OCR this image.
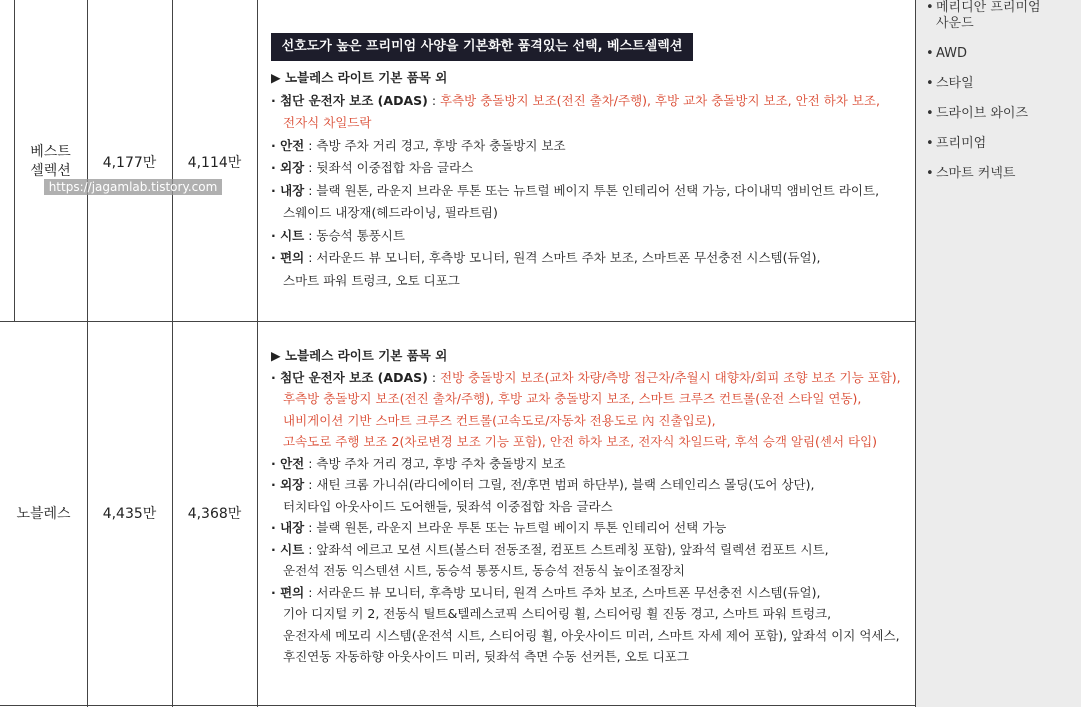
• 메리디안 프리미엄
사운드
• AWD
• 스타일
• 드라이브 와이즈
• 프리미엄
• 스마트 커넥트
베스트
셀렉션	4,177만	4,114만
선호도가 높은 프리미엄 사양을 기본화한 품격있는 선택, 베스트셀렉션
▶ 노블레스 라이트 기본 품목 외
· 첨단 운전자 보조 (ADAS) : 후측방 충돌방지 보조(전진 출차/주행), 후방 교차 충돌방지 보조, 안전 하차 보조,
전자식 차일드락
· 안전 : 측방 주차 거리 경고, 후방 주차 충돌방지 보조
· 외장 : 뒷좌석 이중접합 차음 글라스
· 내장 : 블랙 원톤, 라운지 브라운 투톤 또는 뉴트럴 베이지 투톤 인테리어 선택 가능, 다이내믹 앰비언트 라이트,
스웨이드 내장재(헤드라이닝, 필라트림)
· 시트 : 동승석 통풍시트
· 편의 : 서라운드 뷰 모니터, 후측방 모니터, 원격 스마트 주차 보조, 스마트폰 무선충전 시스템(듀얼),
스마트 파워 트렁크, 오토 디포그
노블레스	4,435만	4,368만
▶ 노블레스 라이트 기본 품목 외
· 첨단 운전자 보조 (ADAS) : 전방 충돌방지 보조(교차 차량/측방 접근차/추월시 대향차/회피 조향 보조 기능 포함),
후측방 충돌방지 보조(전진 출차/주행), 후방 교차 충돌방지 보조, 스마트 크루즈 컨트롤(운전 스타일 연동),
내비게이션 기반 스마트 크루즈 컨트롤(고속도로/자동차 전용도로 內 진출입로),
고속도로 주행 보조 2(차로변경 보조 기능 포함), 안전 하차 보조, 전자식 차일드락, 후석 승객 알림(센서 타입)
· 안전 : 측방 주차 거리 경고, 후방 주차 충돌방지 보조
· 외장 : 새틴 크롬 가니쉬(라디에이터 그릴, 전/후면 범퍼 하단부), 블랙 스테인리스 몰딩(도어 상단),
터치타입 아웃사이드 도어핸들, 뒷좌석 이중접합 차음 글라스
· 내장 : 블랙 원톤, 라운지 브라운 투톤 또는 뉴트럴 베이지 투톤 인테리어 선택 가능
· 시트 : 앞좌석 에르고 모션 시트(볼스터 전동조절, 컴포트 스트레칭 포함), 앞좌석 릴렉션 컴포트 시트,
운전석 전동 익스텐션 시트, 동승석 통풍시트, 동승석 전동식 높이조절장치
· 편의 : 서라운드 뷰 모니터, 후측방 모니터, 원격 스마트 주차 보조, 스마트폰 무선충전 시스템(듀얼),
기아 디지털 키 2, 전동식 틸트&텔레스코픽 스티어링 휠, 스티어링 휠 진동 경고, 스마트 파워 트렁크,
운전자세 메모리 시스템(운전석 시트, 스티어링 휠, 아웃사이드 미러, 스마트 자세 제어 포함), 앞좌석 이지 억세스,
후진연동 자동하향 아웃사이드 미러, 뒷좌석 측면 수동 선커튼, 오토 디포그
https://jagamlab.tistory.com
